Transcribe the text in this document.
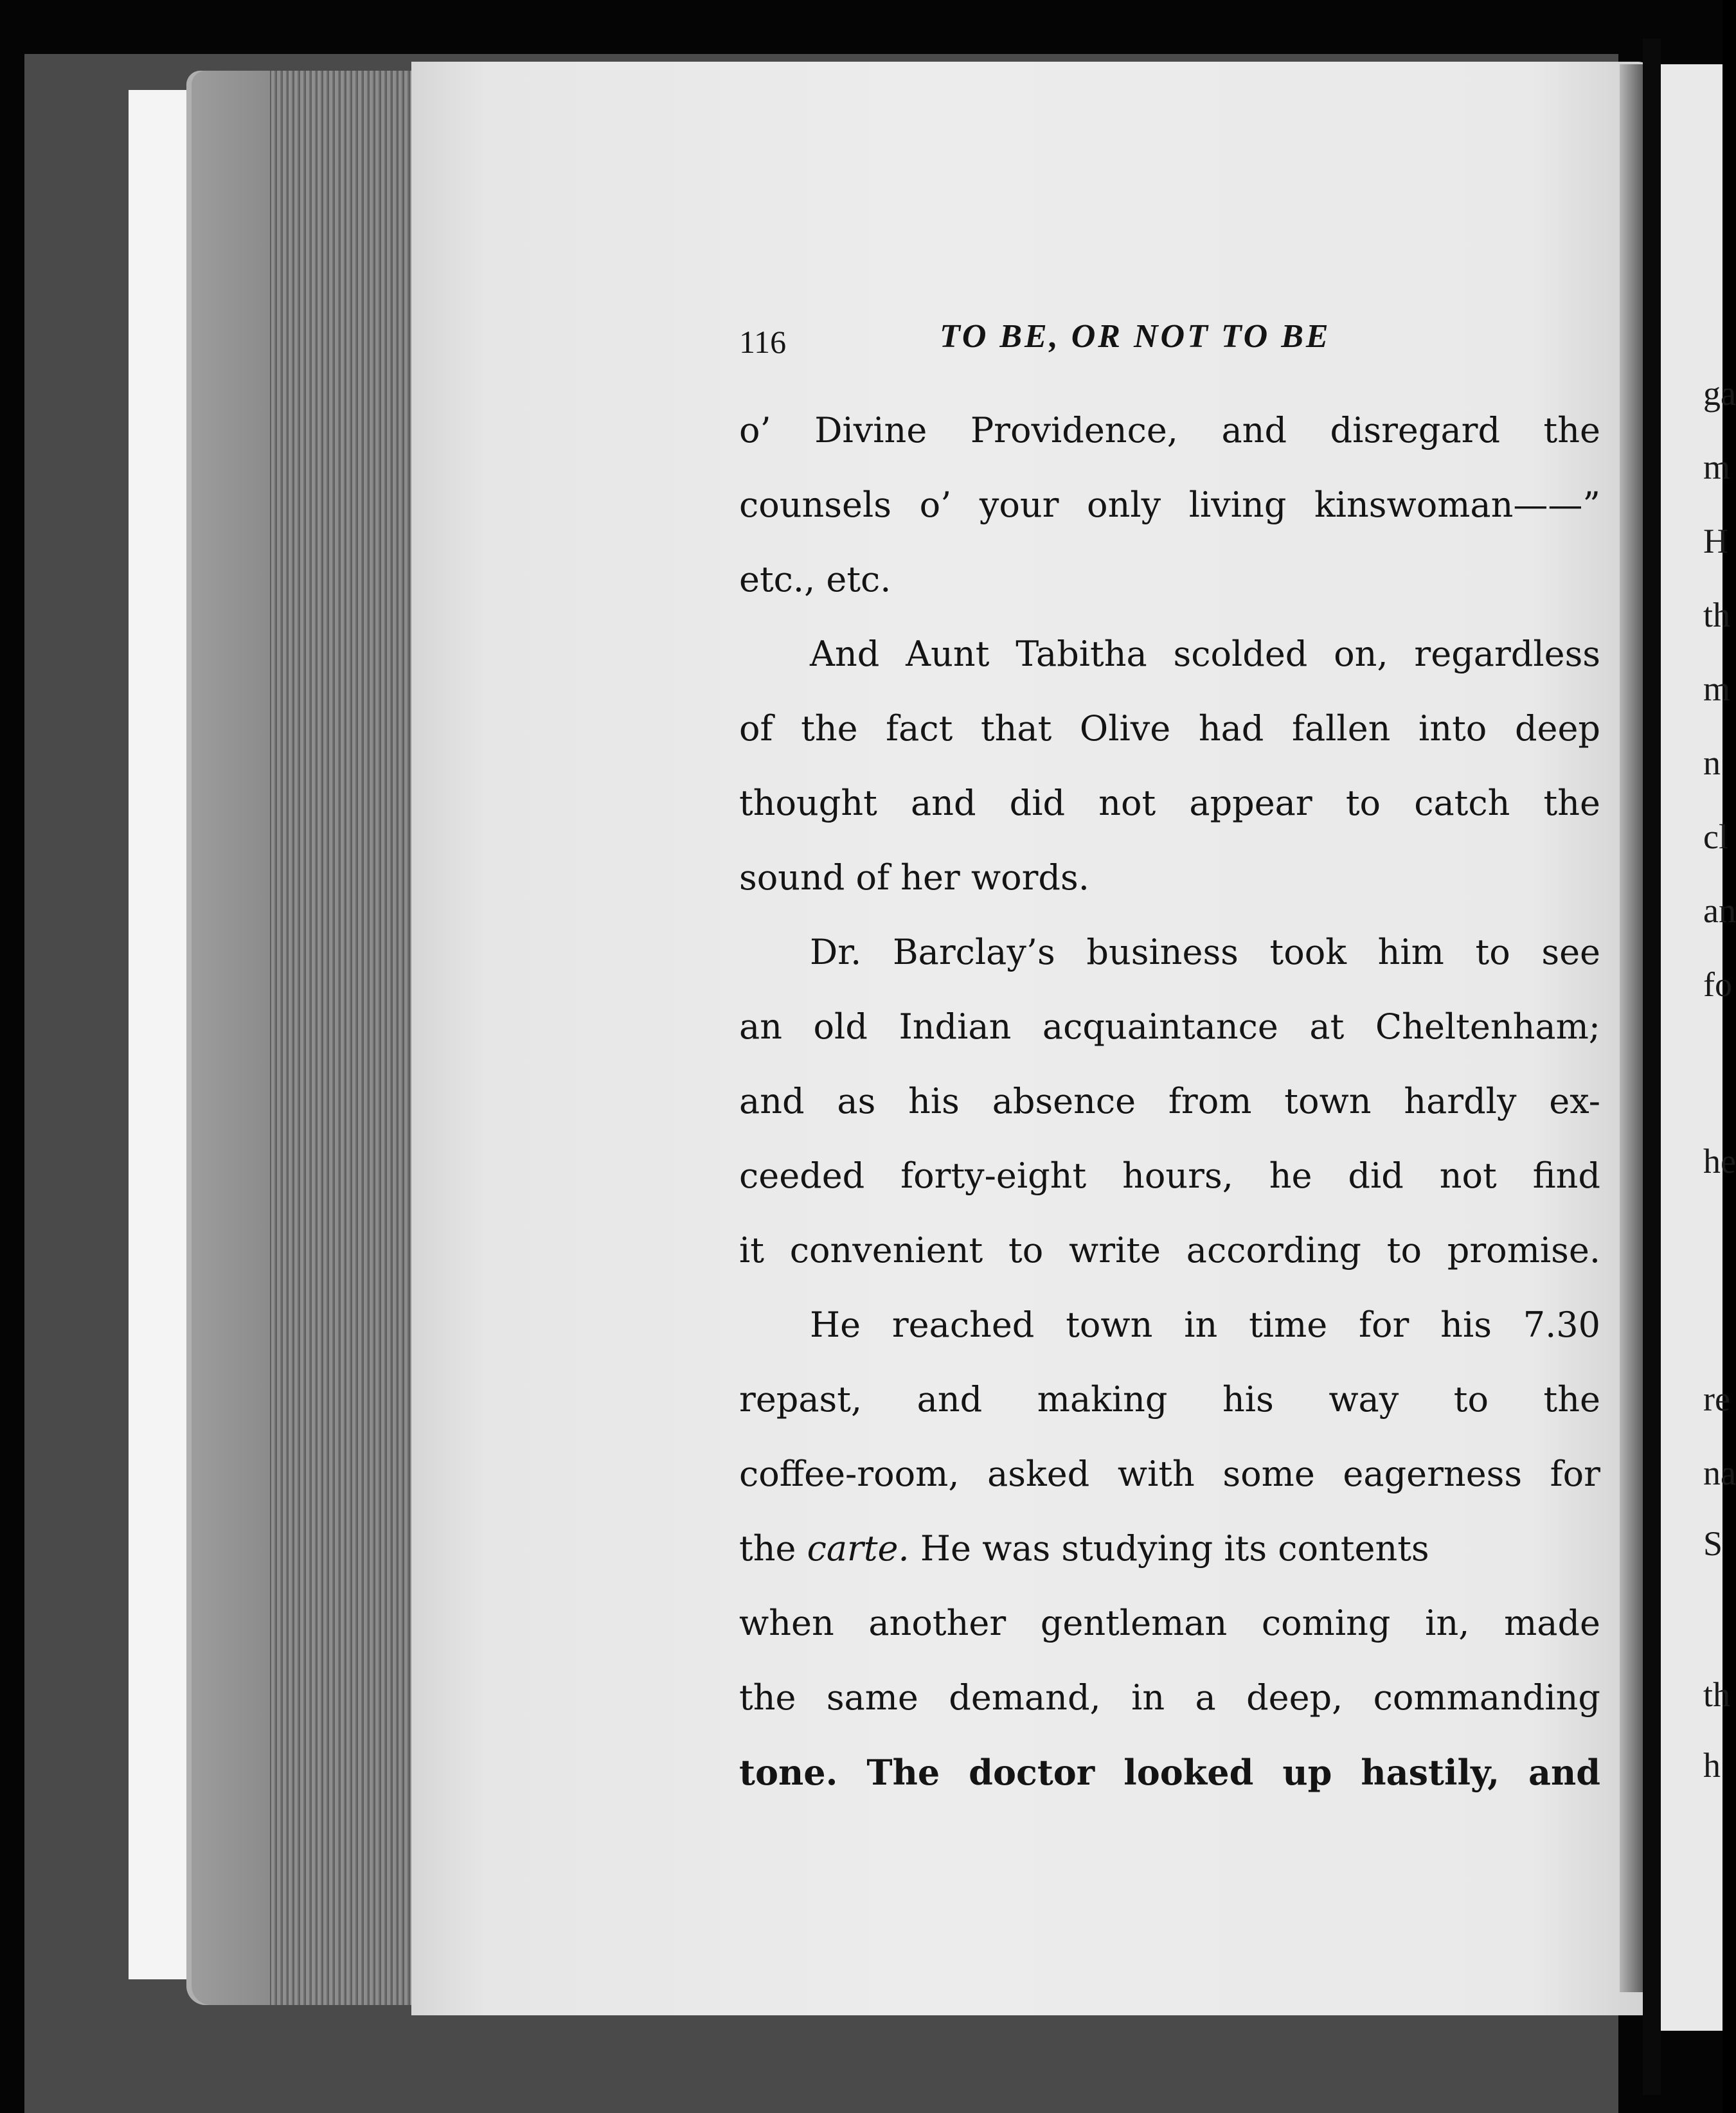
116	TO BE, OR NOT TO BE
o’ Divine Providence, and disregard the
counsels o’ your only living kinswoman——”
etc., etc.
And Aunt Tabitha scolded on, regardless
of the fact that Olive had fallen into deep
thought and did not appear to catch the
sound of her words.
Dr. Barclay’s business took him to see
an old Indian acquaintance at Cheltenham;
and as his absence from town hardly ex-
ceeded forty-eight hours, he did not find
it convenient to write according to promise.
He reached town in time for his 7.30
repast, and making his way to the
coffee-room, asked with some eagerness for
the carte. He was studying its contents
when another gentleman coming in, made
the same demand, in a deep, commanding
tone. The doctor looked up hastily, and
ga
m
H
th
m
n
cl
an
fo
he
re
na
S
th
h
